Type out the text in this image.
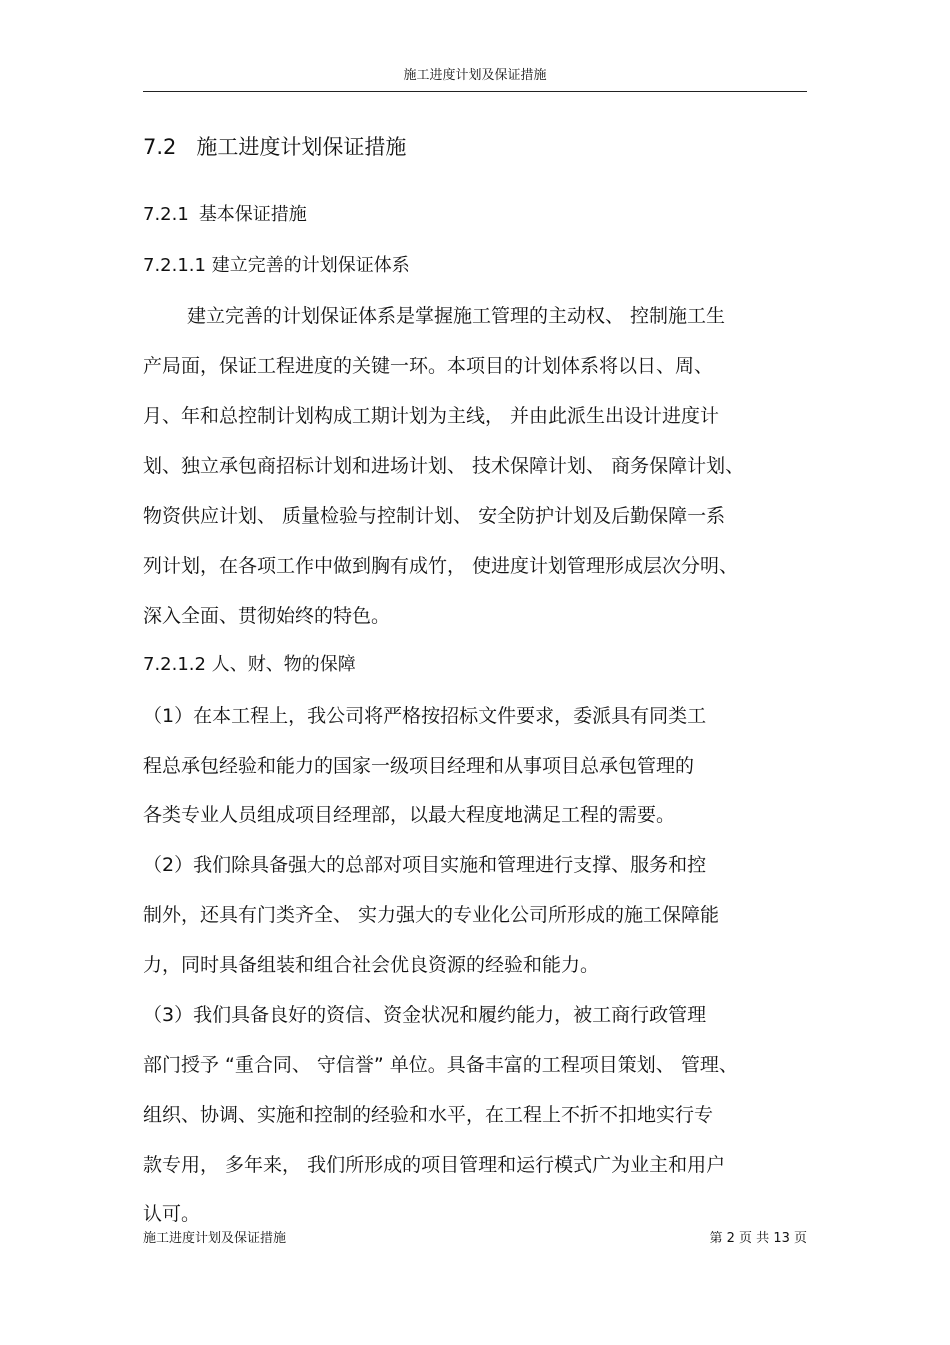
施工进度计划及保证措施
7.2 施工进度计划保证措施
7.2.1 基本保证措施
7.2.1.1 建立完善的计划保证体系
建立完善的计划保证体系是掌握施工管理的主动权、 控制施工生
产局面，保证工程进度的关键一环。本项目的计划体系将以日、周、
月、年和总控制计划构成工期计划为主线， 并由此派生出设计进度计
划、独立承包商招标计划和进场计划、 技术保障计划、 商务保障计划、
物资供应计划、 质量检验与控制计划、 安全防护计划及后勤保障一系
列计划，在各项工作中做到胸有成竹， 使进度计划管理形成层次分明、
深入全面、贯彻始终的特色。
7.2.1.2 人、财、物的保障
（1）在本工程上，我公司将严格按招标文件要求，委派具有同类工
程总承包经验和能力的国家一级项目经理和从事项目总承包管理的
各类专业人员组成项目经理部，以最大程度地满足工程的需要。
（2）我们除具备强大的总部对项目实施和管理进行支撑、服务和控
制外，还具有门类齐全、 实力强大的专业化公司所形成的施工保障能
力，同时具备组装和组合社会优良资源的经验和能力。
（3）我们具备良好的资信、资金状况和履约能力，被工商行政管理
部门授予 “重合同、 守信誉” 单位。具备丰富的工程项目策划、 管理、
组织、协调、实施和控制的经验和水平，在工程上不折不扣地实行专
款专用， 多年来， 我们所形成的项目管理和运行模式广为业主和用户
认可。
施工进度计划及保证措施	第 2 页 共 13 页
